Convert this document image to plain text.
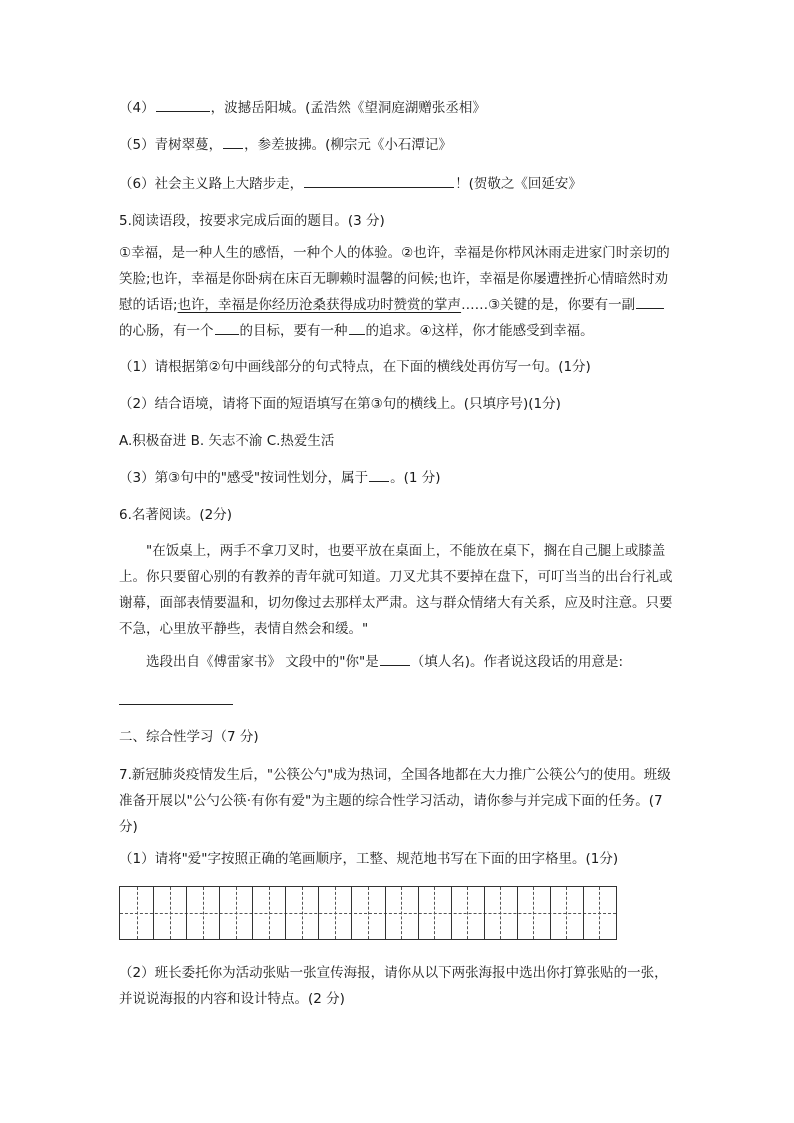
（4）	，波撼岳阳城。(孟浩然《望洞庭湖赠张丞相》
（5）青树翠蔓， ，参差披拂。(柳宗元《小石潭记》
（6）社会主义路上大踏步走，	！(贺敬之《回延安》
5.阅读语段，按要求完成后面的题目。(3 分)
①幸福，是一种人生的感悟，一种个人的体验。②也许，幸福是你栉风沐雨走进家门时亲切的笑脸;也许，幸福是你卧病在床百无聊赖时温馨的问候;也许，幸福是你屡遭挫折心情暗然时劝慰的话语;也许，幸福是你经历沧桑获得成功时赞赏的掌声……③关键的是，你要有一副的心肠，有一个 的目标，要有一种 的追求。④这样，你才能感受到幸福。
（1）请根据第②句中画线部分的句式特点，在下面的横线处再仿写一句。(1分)
（2）结合语境，请将下面的短语填写在第③句的横线上。(只填序号)(1分)
A.积极奋进 B. 矢志不渝 C.热爱生活
（3）第③句中的"感受"按词性划分，属于 。(1 分)
6.名著阅读。(2分)
"在饭桌上，两手不拿刀叉时，也要平放在桌面上，不能放在桌下，搁在自己腿上或膝盖上。你只要留心别的有教养的青年就可知道。刀叉尤其不要掉在盘下，可叮当当的出台行礼或谢幕，面部表情要温和，切勿像过去那样太严肃。这与群众情绪大有关系，应及时注意。只要不急，心里放平静些，表情自然会和缓。"
选段出自《傅雷家书》 文段中的"你"是 （填人名)。作者说这段话的用意是:
二、综合性学习（7 分)
7.新冠肺炎疫情发生后，"公筷公勺"成为热词，全国各地都在大力推广公筷公勺的使用。班级准备开展以"公勺公筷·有你有爱"为主题的综合性学习活动，请你参与并完成下面的任务。(7分)
（1）请将"爱"字按照正确的笔画顺序，工整、规范地书写在下面的田字格里。(1分)
（2）班长委托你为活动张贴一张宣传海报，请你从以下两张海报中选出你打算张贴的一张，并说说海报的内容和设计特点。(2 分)
